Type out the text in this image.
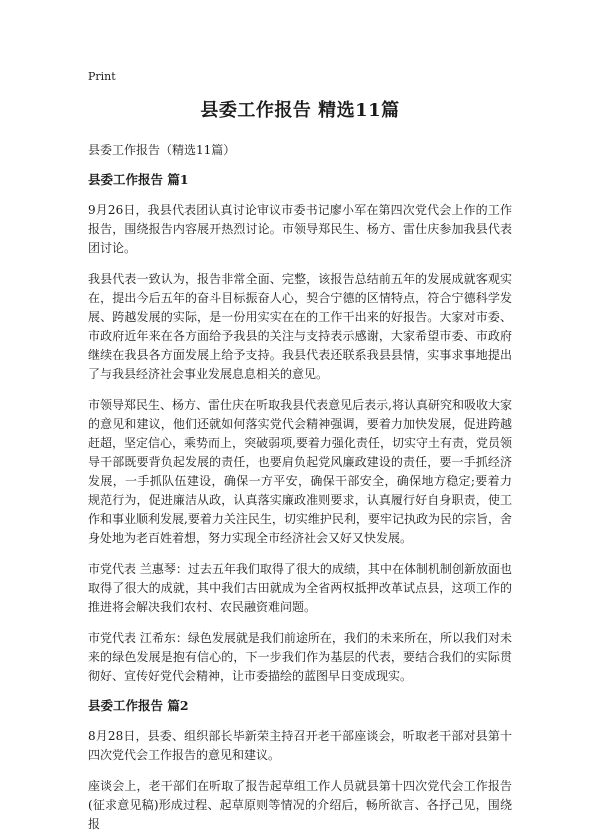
Print
县委工作报告 精选11篇

县委工作报告（精选11篇）

县委工作报告 篇1

9月26日，我县代表团认真讨论审议市委书记廖小军在第四次党代会上作的工作报告，围绕报告内容展开热烈讨论。市领导郑民生、杨方、雷仕庆参加我县代表团讨论。

我县代表一致认为，报告非常全面、完整，该报告总结前五年的发展成就客观实在，提出今后五年的奋斗目标振奋人心，契合宁德的区情特点，符合宁德科学发展、跨越发展的实际，是一份用实实在在的工作干出来的好报告。大家对市委、市政府近年来在各方面给予我县的关注与支持表示感谢，大家希望市委、市政府继续在我县各方面发展上给予支持。我县代表还联系我县县情，实事求事地提出了与我县经济社会事业发展息息相关的意见。

市领导郑民生、杨方、雷仕庆在听取我县代表意见后表示,将认真研究和吸收大家的意见和建议，他们还就如何落实党代会精神强调，要着力加快发展，促进跨越赶超，坚定信心，乘势而上，突破弱项,要着力强化责任，切实守土有责，党员领导干部既要背负起发展的责任，也要肩负起党风廉政建设的责任，要一手抓经济发展，一手抓队伍建设，确保一方平安，确保干部安全，确保地方稳定;要着力规范行为，促进廉洁从政，认真落实廉政准则要求，认真履行好自身职责，使工作和事业顺利发展,要着力关注民生，切实维护民利，要牢记执政为民的宗旨，舍身处地为老百姓着想，努力实现全市经济社会又好又快发展。

市党代表 兰惠琴：过去五年我们取得了很大的成绩，其中在体制机制创新放面也取得了很大的成就，其中我们古田就成为全省两权抵押改革试点县，这项工作的推进将会解决我们农村、农民融资难问题。

市党代表 江希东：绿色发展就是我们前途所在，我们的未来所在，所以我们对未来的绿色发展是抱有信心的，下一步我们作为基层的代表，要结合我们的实际贯彻好、宣传好党代会精神，让市委描绘的蓝图早日变成现实。

县委工作报告 篇2

8月28日，县委、组织部长毕新荣主持召开老干部座谈会，听取老干部对县第十四次党代会工作报告的意见和建议。

座谈会上，老干部们在听取了报告起草组工作人员就县第十四次党代会工作报告(征求意见稿)形成过程、起草原则等情况的介绍后，畅所欲言、各抒己见，围绕报
